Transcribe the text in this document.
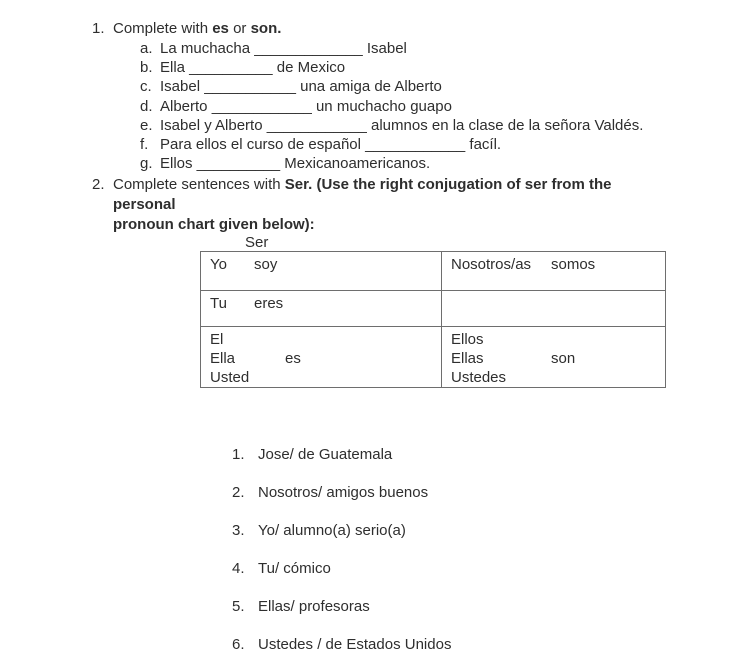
1. Complete with es or son.
a. La muchacha _____________ Isabel
b. Ella __________ de Mexico
c. Isabel ___________ una amiga de Alberto
d. Alberto ____________ un muchacho guapo
e. Isabel y Alberto ____________ alumnos en la clase de la señora Valdés.
f. Para ellos el curso de español ____________ facíl.
g. Ellos __________ Mexicanoamericanos.
2. Complete sentences with Ser. (Use the right conjugation of ser from the personal
pronoun chart given below):
Ser
Yo soy	Nosotros/as somos

Tu eres	

El
Ella	es
Usted

Ellos
Ellas	son
Ustedes
1. Jose/ de Guatemala
2. Nosotros/ amigos buenos
3. Yo/ alumno(a) serio(a)
4. Tu/ cómico
5. Ellas/ profesoras
6. Ustedes / de Estados Unidos
